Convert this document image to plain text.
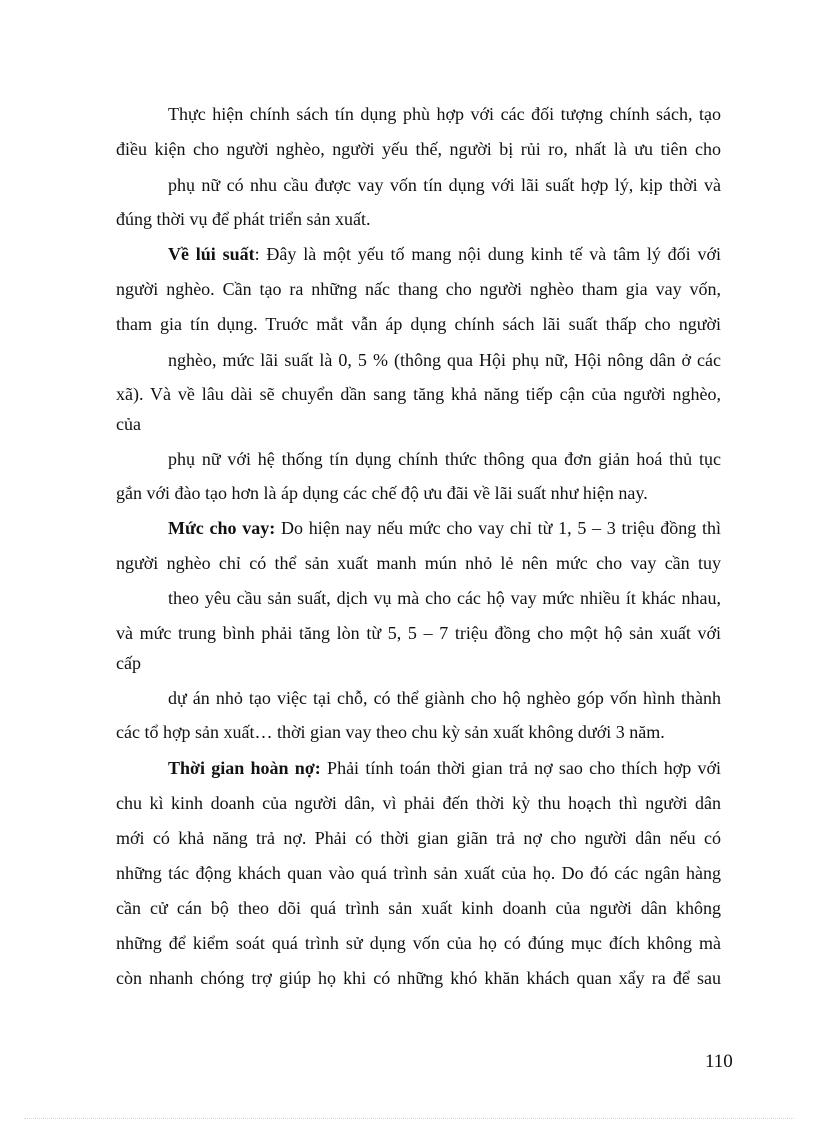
Thực hiện chính sách tín dụng phù hợp với các đối tượng chính sách, tạo
điều kiện cho người nghèo, người yếu thế, người bị rủi ro, nhất là ưu tiên cho
phụ nữ có nhu cầu được vay vốn tín dụng với lãi suất hợp lý, kịp thời và
đúng thời vụ để phát triển sản xuất.
Về lúi suất: Đây là một yếu tố mang nội dung kinh tế và tâm lý đối với
người nghèo. Cần tạo ra những nấc thang cho người nghèo tham gia vay vốn,
tham gia tín dụng. Truớc mắt vẫn áp dụng chính sách lãi suất thấp cho người
nghèo, mức lãi suất là 0, 5 % (thông qua Hội phụ nữ, Hội nông dân ở các
xã). Và về lâu dài sẽ chuyển dần sang tăng khả năng tiếp cận của người nghèo,
của
phụ nữ với hệ thống tín dụng chính thức thông qua đơn giản hoá thủ tục
gắn với đào tạo hơn là áp dụng các chế độ ưu đãi về lãi suất như hiện nay.
Mức cho vay: Do hiện nay nếu mức cho vay chỉ từ 1, 5 – 3 triệu đồng thì
người nghèo chỉ có thể sản xuất manh mún nhỏ lẻ nên mức cho vay cần tuy
theo yêu cầu sản suất, dịch vụ mà cho các hộ vay mức nhiều ít khác nhau,
và mức trung bình phải tăng lòn từ 5, 5 – 7 triệu đồng cho một hộ sản xuất với
cấp
dự án nhỏ tạo việc tại chỗ, có thể giành cho hộ nghèo góp vốn hình thành
các tổ hợp sản xuất… thời gian vay theo chu kỳ sản xuất không dưới 3 năm.
Thời gian hoàn nợ: Phải tính toán thời gian trả nợ sao cho thích hợp với
chu kì kinh doanh của người dân, vì phải đến thời kỳ thu hoạch thì người dân
mới có khả năng trả nợ. Phải có thời gian giãn trả nợ cho người dân nếu có
những tác động khách quan vào quá trình sản xuất của họ. Do đó các ngân hàng
cần cử cán bộ theo dõi quá trình sản xuất kinh doanh của người dân không
những để kiểm soát quá trình sử dụng vốn của họ có đúng mục đích không mà
còn nhanh chóng trợ giúp họ khi có những khó khăn khách quan xẩy ra để sau
110
